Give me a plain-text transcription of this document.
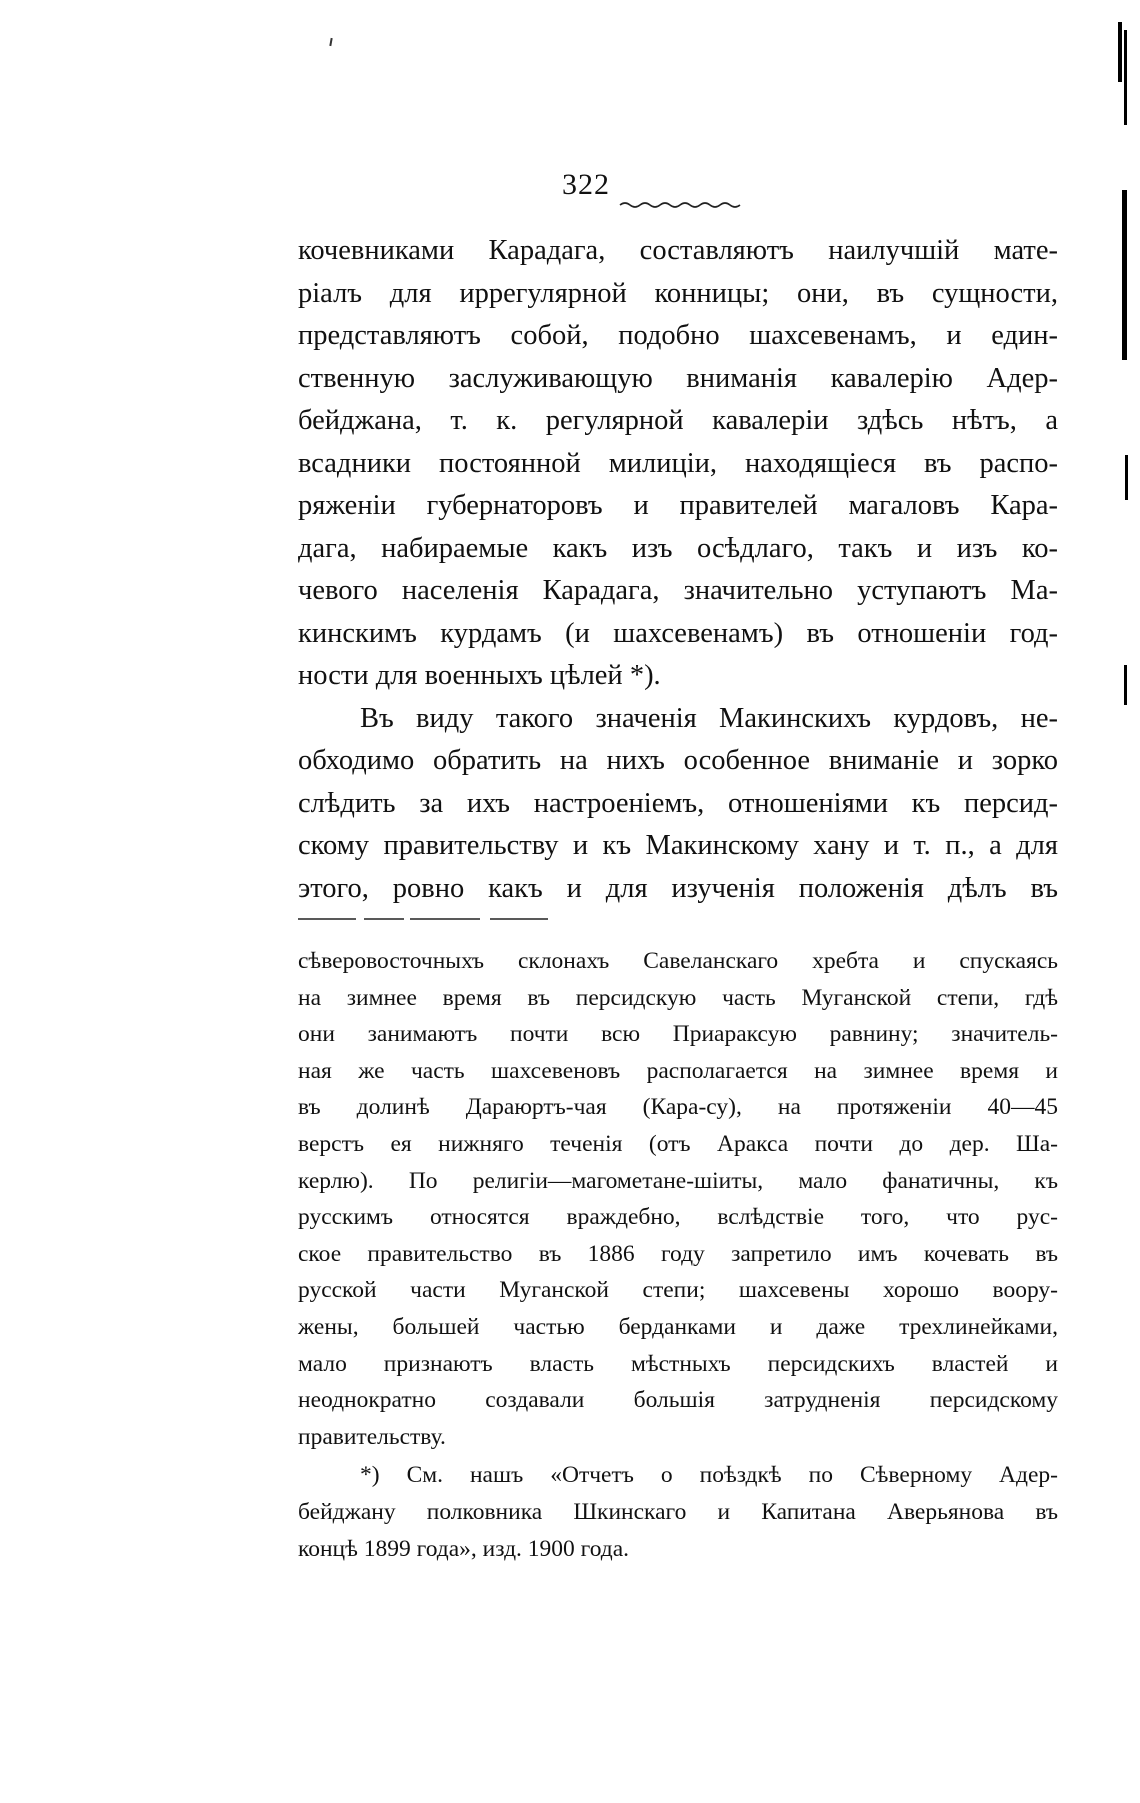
322
кочевниками Карадага, составляютъ наилучшій мате-
ріалъ для иррегулярной конницы; они, въ сущности,
представляютъ собой, подобно шахсевенамъ, и един-
ственную заслуживающую вниманія кавалерію Адер-
бейджана, т. к. регулярной кавалеріи здѣсь нѣтъ, а
всадники постоянной милиціи, находящіеся въ распо-
ряженіи губернаторовъ и правителей магаловъ Кара-
дага, набираемые какъ изъ осѣдлаго, такъ и изъ ко-
чевого населенія Карадага, значительно уступаютъ Ма-
кинскимъ курдамъ (и шахсевенамъ) въ отношеніи год-
ности для военныхъ цѣлей *).
Въ виду такого значенія Макинскихъ курдовъ, не-
обходимо обратить на нихъ особенное вниманіе и зорко
слѣдить за ихъ настроеніемъ, отношеніями къ персид-
скому правительству и къ Макинскому хану и т. п., а для
этого, ровно какъ и для изученія положенія дѣлъ въ
сѣверовосточныхъ склонахъ Савеланскаго хребта и спускаясь
на зимнее время въ персидскую часть Муганской степи, гдѣ
они занимаютъ почти всю Приараксую равнину; значитель-
ная же часть шахсевеновъ располагается на зимнее время и
въ долинѣ Дараюртъ-чая (Кара-су), на протяженіи 40—45
верстъ ея нижняго теченія (отъ Аракса почти до дер. Ша-
керлю). По религіи—магометане-шіиты, мало фанатичны, къ
русскимъ относятся враждебно, вслѣдствіе того, что рус-
ское правительство въ 1886 году запретило имъ кочевать въ
русской части Муганской степи; шахсевены хорошо воору-
жены, большей частью берданками и даже трехлинейками,
мало признаютъ власть мѣстныхъ персидскихъ властей и
неоднократно создавали большія затрудненія персидскому
правительству.
*) См. нашъ «Отчетъ о поѣздкѣ по Сѣверному Адер-
бейджану полковника Шкинскаго и Капитана Аверьянова въ
концѣ 1899 года», изд. 1900 года.
